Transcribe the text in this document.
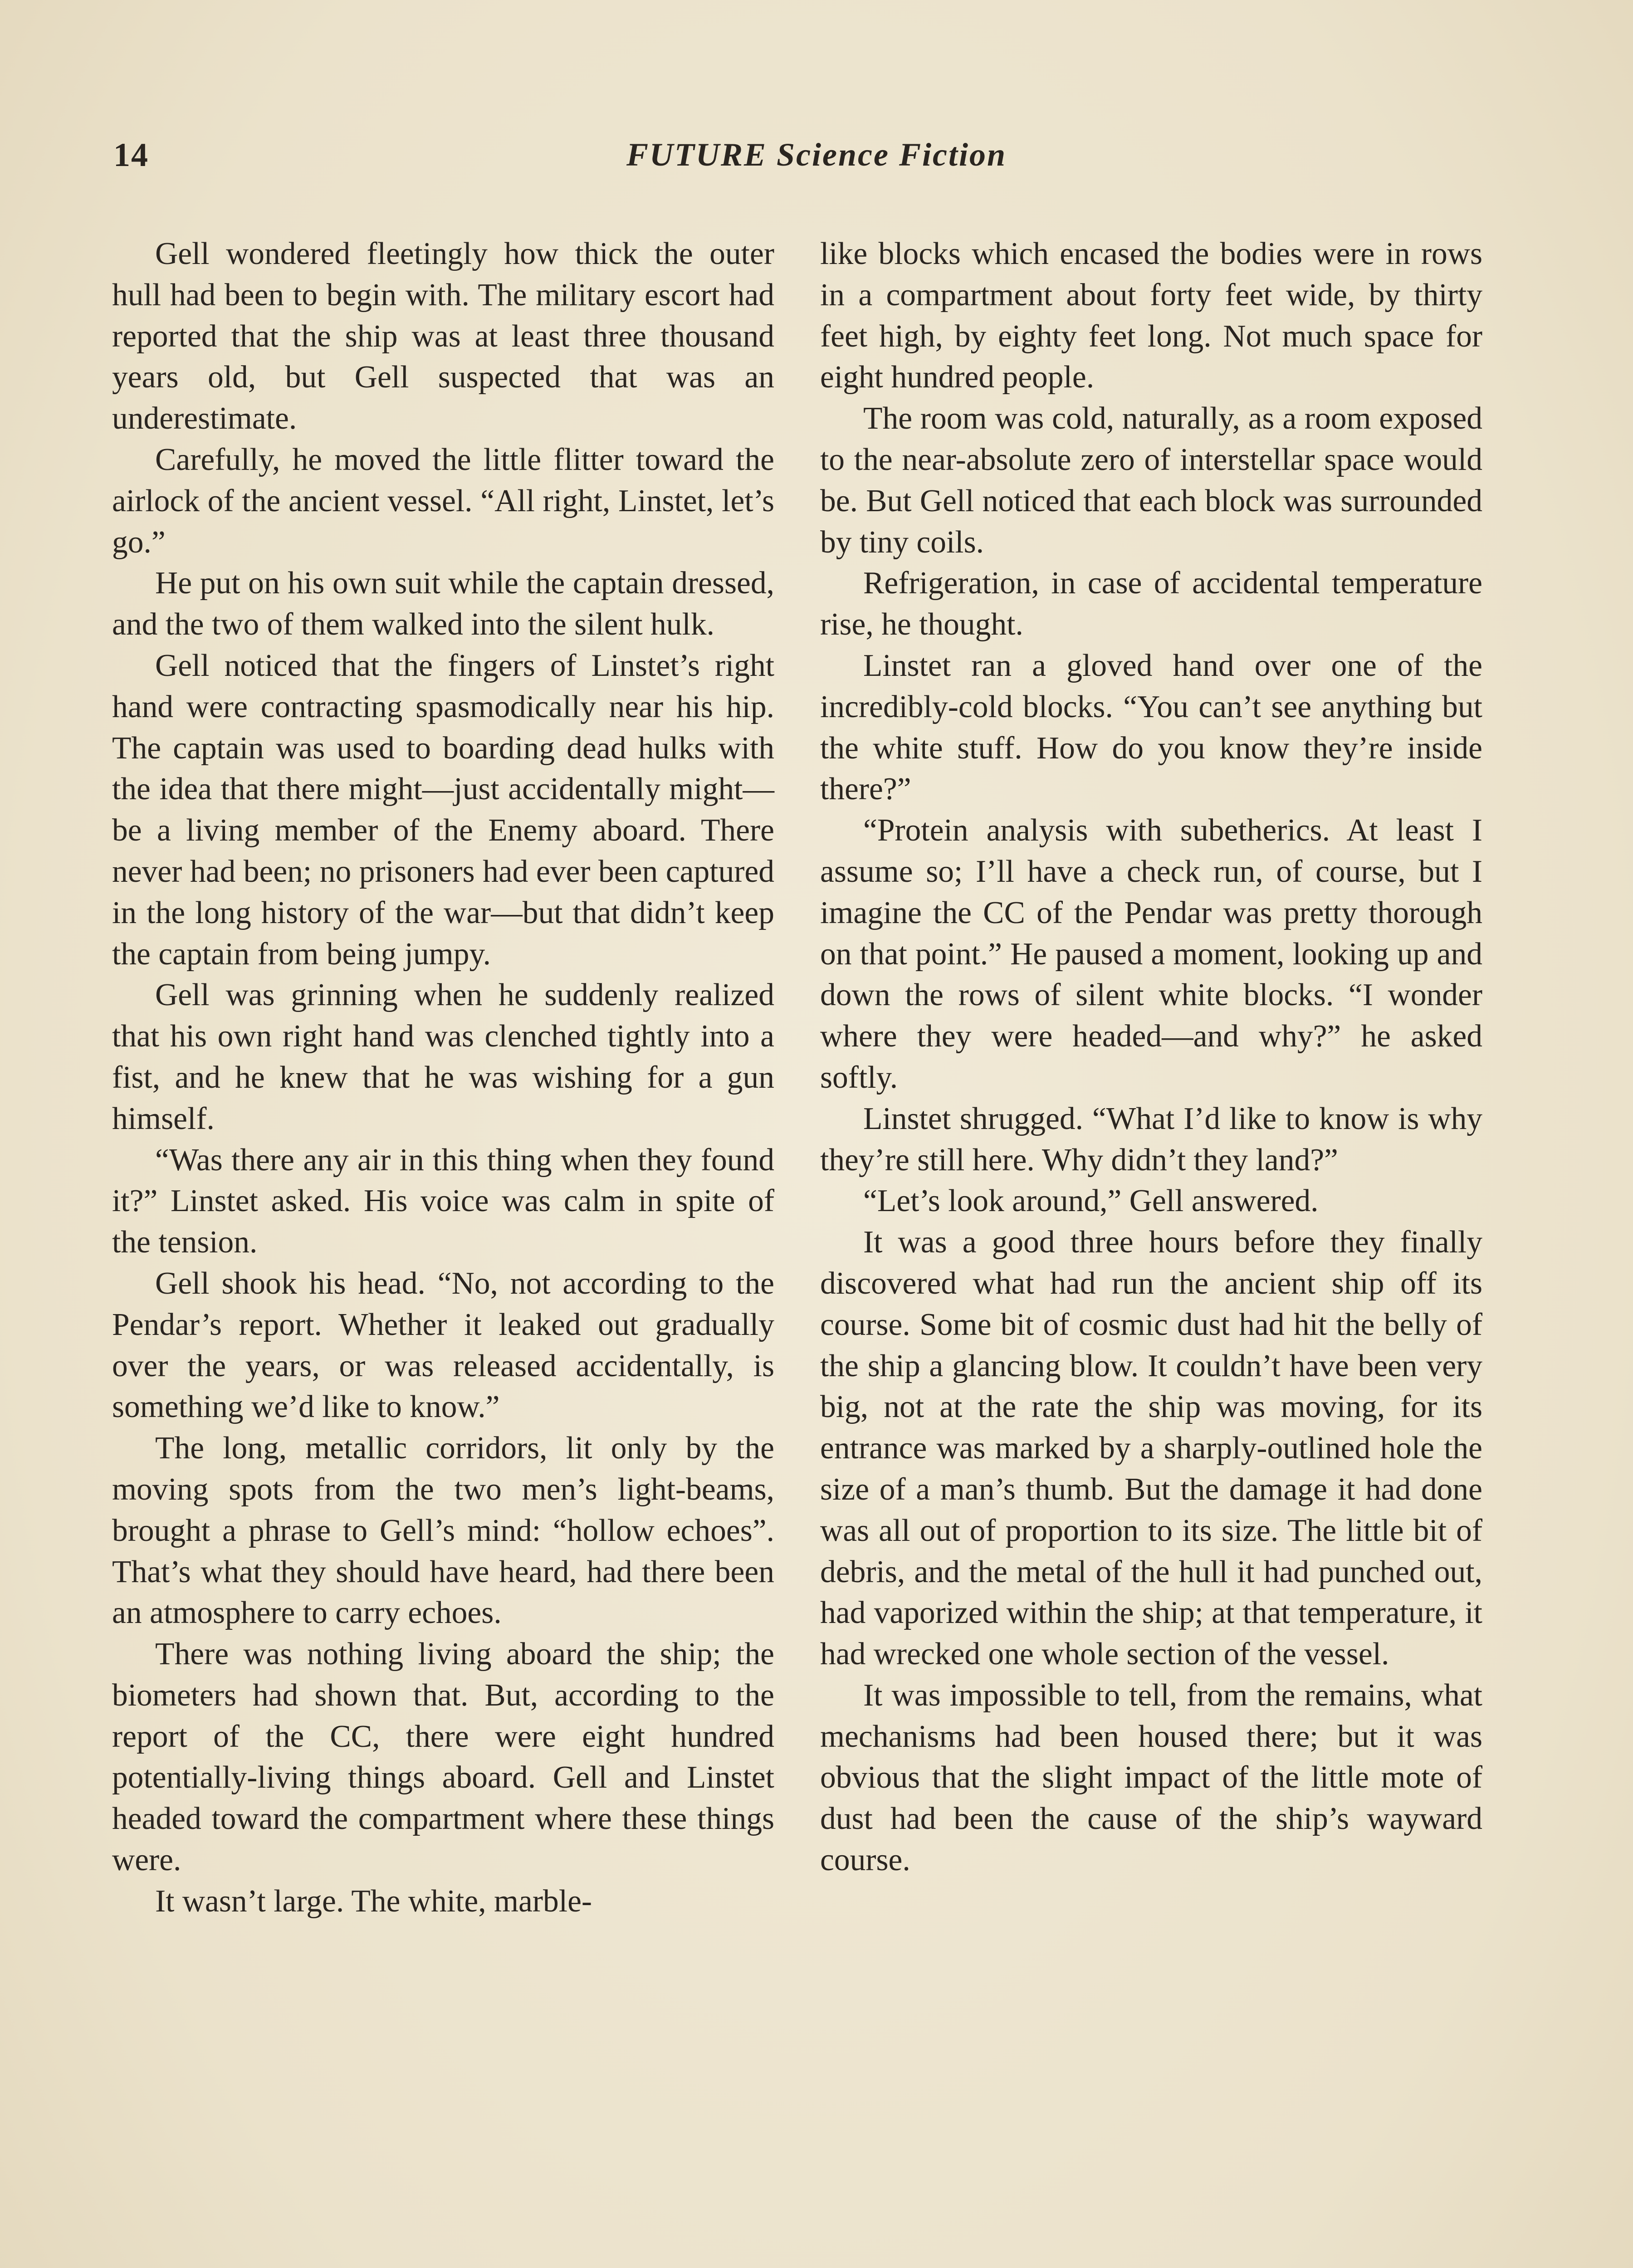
14	FUTURE Science Fiction

Gell wondered fleetingly how thick the outer hull had been to begin with. The military escort had reported that the ship was at least three thousand years old, but Gell suspected that was an underestimate.

Carefully, he moved the little flitter toward the airlock of the ancient vessel. “All right, Linstet, let’s go.”

He put on his own suit while the captain dressed, and the two of them walked into the silent hulk.

Gell noticed that the fingers of Linstet’s right hand were contracting spasmodically near his hip. The captain was used to boarding dead hulks with the idea that there might—just accidentally might—be a living member of the Enemy aboard. There never had been; no prisoners had ever been captured in the long history of the war—but that didn’t keep the captain from being jumpy.

Gell was grinning when he suddenly realized that his own right hand was clenched tightly into a fist, and he knew that he was wishing for a gun himself.

“Was there any air in this thing when they found it?” Linstet asked. His voice was calm in spite of the tension.

Gell shook his head. “No, not according to the Pendar’s report. Whether it leaked out gradually over the years, or was released accidentally, is something we’d like to know.”

The long, metallic corridors, lit only by the moving spots from the two men’s light-beams, brought a phrase to Gell’s mind: “hollow echoes”. That’s what they should have heard, had there been an atmosphere to carry echoes.

There was nothing living aboard the ship; the biometers had shown that. But, according to the report of the CC, there were eight hundred potentially-living things aboard. Gell and Linstet headed toward the compartment where these things were.

It wasn’t large. The white, marble-

like blocks which encased the bodies were in rows in a compartment about forty feet wide, by thirty feet high, by eighty feet long. Not much space for eight hundred people.

The room was cold, naturally, as a room exposed to the near-absolute zero of interstellar space would be. But Gell noticed that each block was surrounded by tiny coils.

Refrigeration, in case of accidental temperature rise, he thought.

Linstet ran a gloved hand over one of the incredibly-cold blocks. “You can’t see anything but the white stuff. How do you know they’re inside there?”

“Protein analysis with subetherics. At least I assume so; I’ll have a check run, of course, but I imagine the CC of the Pendar was pretty thorough on that point.” He paused a moment, looking up and down the rows of silent white blocks. “I wonder where they were headed—and why?” he asked softly.

Linstet shrugged. “What I’d like to know is why they’re still here. Why didn’t they land?”

“Let’s look around,” Gell answered.

It was a good three hours before they finally discovered what had run the ancient ship off its course. Some bit of cosmic dust had hit the belly of the ship a glancing blow. It couldn’t have been very big, not at the rate the ship was moving, for its entrance was marked by a sharply-outlined hole the size of a man’s thumb. But the damage it had done was all out of proportion to its size. The little bit of debris, and the metal of the hull it had punched out, had vaporized within the ship; at that temperature, it had wrecked one whole section of the vessel.

It was impossible to tell, from the remains, what mechanisms had been housed there; but it was obvious that the slight impact of the little mote of dust had been the cause of the ship’s wayward course.
